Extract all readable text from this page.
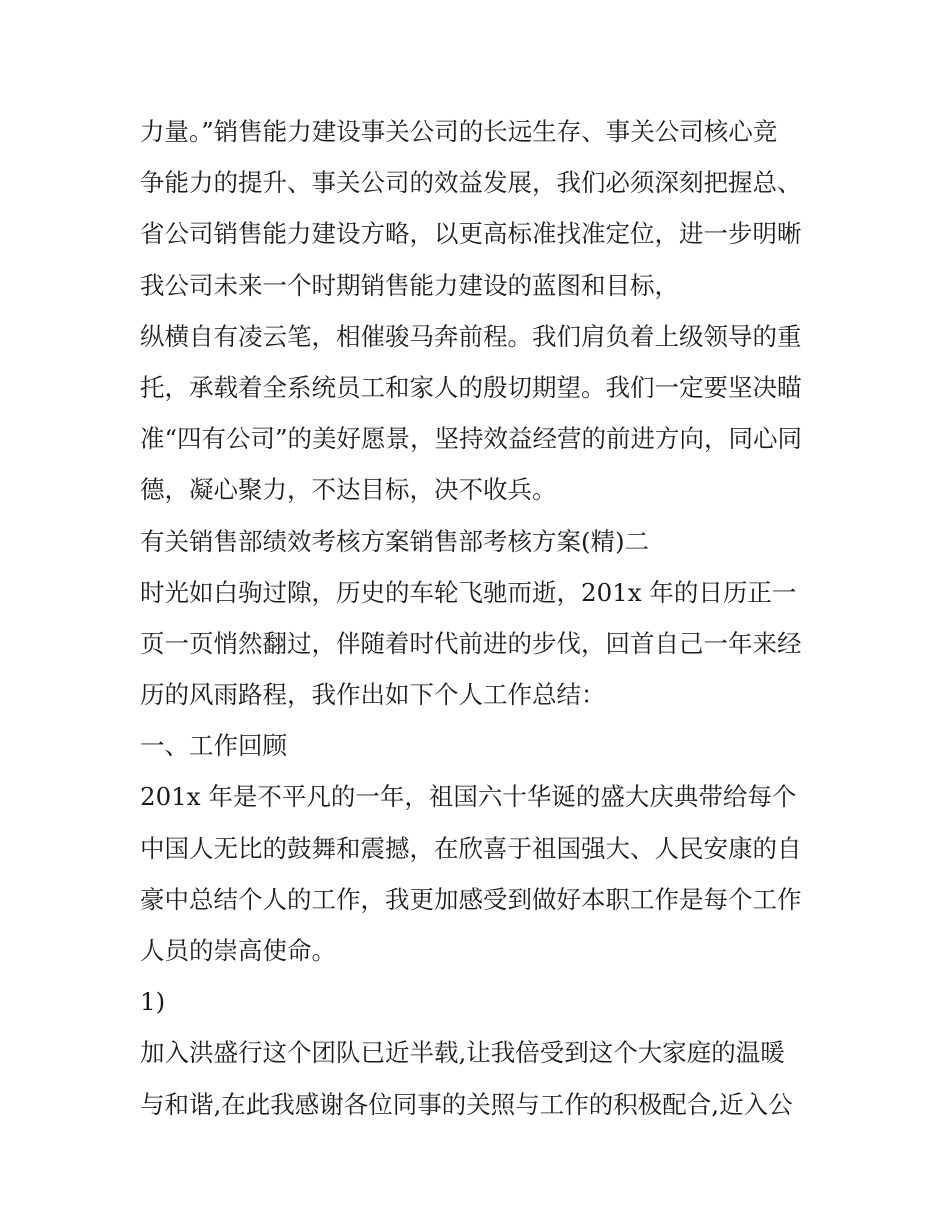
力量。”销售能力建设事关公司的长远生存、事关公司核心竞
争能力的提升、事关公司的效益发展，我们必须深刻把握总、
省公司销售能力建设方略，以更高标准找准定位，进一步明晰
我公司未来一个时期销售能力建设的蓝图和目标，
纵横自有凌云笔，相催骏马奔前程。我们肩负着上级领导的重
托，承载着全系统员工和家人的殷切期望。我们一定要坚决瞄
准“四有公司”的美好愿景，坚持效益经营的前进方向，同心同
德，凝心聚力，不达目标，决不收兵。
有关销售部绩效考核方案销售部考核方案(精)二
时光如白驹过隙，历史的车轮飞驰而逝，201x 年的日历正一
页一页悄然翻过，伴随着时代前进的步伐，回首自己一年来经
历的风雨路程，我作出如下个人工作总结：
一、工作回顾
201x 年是不平凡的一年，祖国六十华诞的盛大庆典带给每个
中国人无比的鼓舞和震撼，在欣喜于祖国强大、人民安康的自
豪中总结个人的工作，我更加感受到做好本职工作是每个工作
人员的崇高使命。
1)
加入洪盛行这个团队已近半载,让我倍受到这个大家庭的温暖
与和谐,在此我感谢各位同事的关照与工作的积极配合,近入公
